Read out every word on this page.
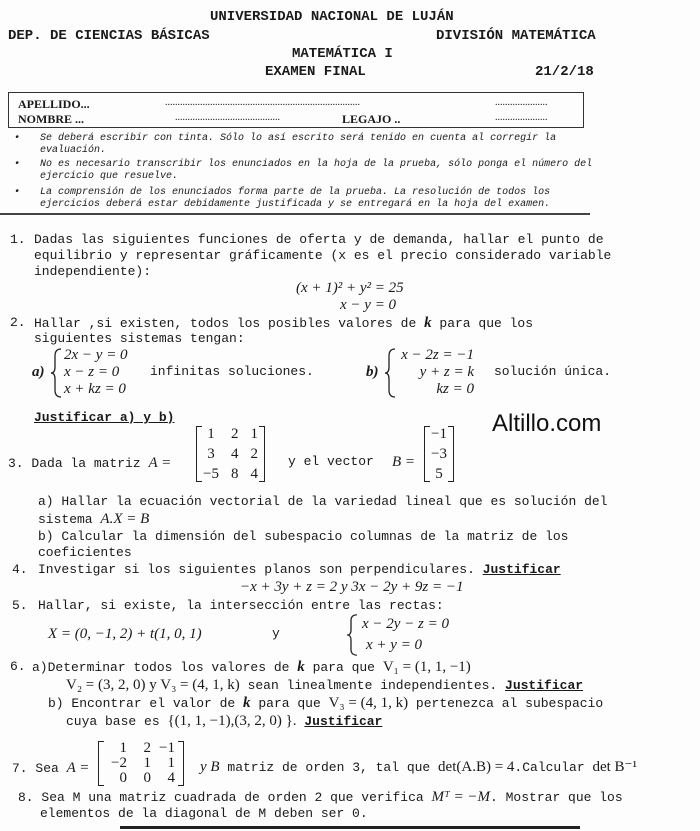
UNIVERSIDAD NACIONAL DE LUJÁN
DEP. DE CIENCIAS BÁSICAS	DIVISIÓN MATEMÁTICA
MATEMÁTICA I
EXAMEN FINAL	21/2/18
APELLIDO...	..............................................................................	.....................
NOMBRE ...	..........................................	LEGAJO ..	.....................
• Se deberá escribir con tinta. Sólo lo así escrito será tenido en cuenta al corregir la
evaluación.
• No es necesario transcribir los enunciados en la hoja de la prueba, sólo ponga el número del
ejercicio que resuelve.
• La comprensión de los enunciados forma parte de la prueba. La resolución de todos los
ejercicios deberá estar debidamente justificada y se entregará en la hoja del examen.
1. Dadas las siguientes funciones de oferta y de demanda, hallar el punto de
equilibrio y representar gráficamente (x es el precio considerado variable
independiente):
(x + 1)² + y² = 25
x − y = 0
2. Hallar ,si existen, todos los posibles valores de k para que los
siguientes sistemas tengan:
a)
2x − y = 0
x − z = 0
x + kz = 0
infinitas soluciones.	b)
x − 2z = −1
y + z = k
kz = 0
solución única.
Justificar a) y b)	Altillo.com
3. Dada la matriz A =
1 2 1
3 4 2
−5 8 4
y el vector B =
−1
−3
5
a) Hallar la ecuación vectorial de la variedad lineal que es solución del
sistema A.X = B
b) Calcular la dimensión del subespacio columnas de la matriz de los
coeficientes
4. Investigar si los siguientes planos son perpendiculares. Justificar
−x + 3y + z = 2 y 3x − 2y + 9z = −1
5. Hallar, si existe, la intersección entre las rectas:
X = (0, −1, 2) + t(1, 0, 1)	y
x − 2y − z = 0
x + y = 0
6. a)Determinar todos los valores de k para que V₁ = (1, 1, −1)
V₂ = (3, 2, 0) y V₃ = (4, 1, k) sean linealmente independientes. Justificar
b) Encontrar el valor de k para que V₃ = (4, 1, k) pertenezca al subespacio
cuya base es {(1, 1, −1),(3, 2, 0) }. Justificar
7. Sea A =
1	2 −1
−2	1	1
0	0	4
y B matriz de orden 3, tal que det(A.B) = 4.Calcular det B⁻¹
8. Sea M una matriz cuadrada de orden 2 que verifica Mᵀ = −M. Mostrar que los
elementos de la diagonal de M deben ser 0.
